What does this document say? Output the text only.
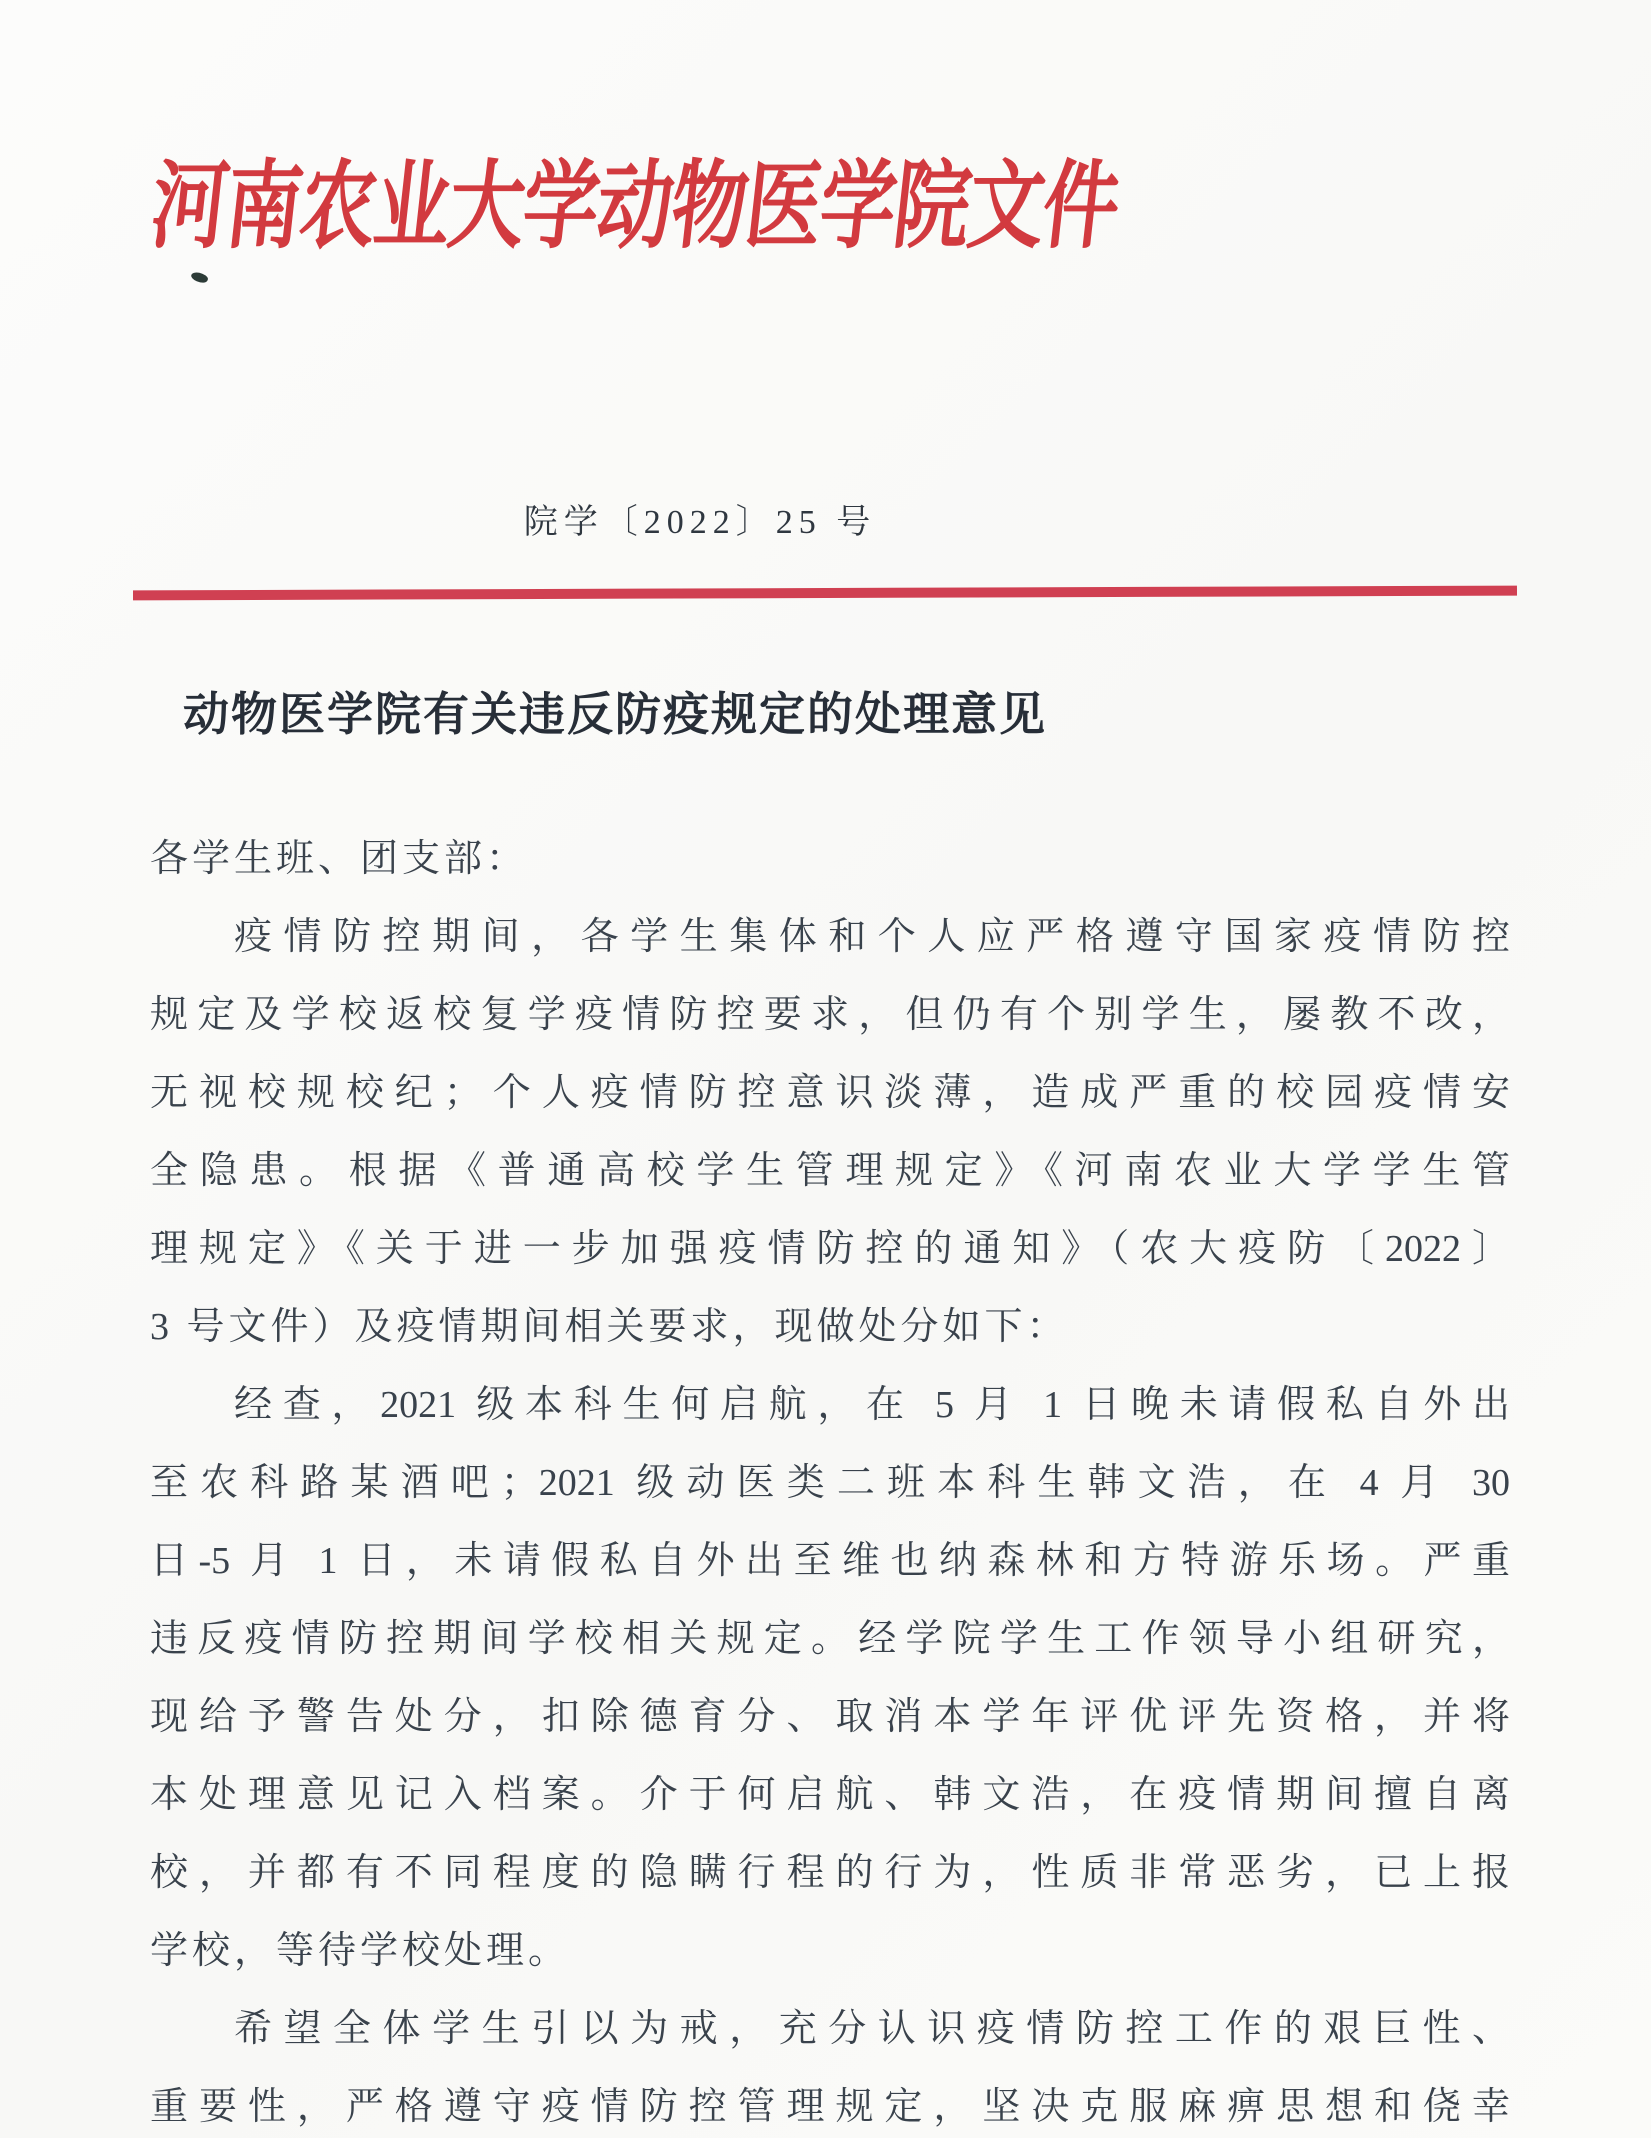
河南农业大学动物医学院文件
院学〔2022〕25 号
动物医学院有关违反防疫规定的处理意见
各学生班、团支部：
疫情防控期间，各学生集体和个人应严格遵守国家疫情防控
规定及学校返校复学疫情防控要求，但仍有个别学生，屡教不改，
无视校规校纪；个人疫情防控意识淡薄，造成严重的校园疫情安
全隐患。根据《普通高校学生管理规定》《河南农业大学学生管
理规定》《关于进一步加强疫情防控的通知》（农大疫防〔2022〕
3 号文件）及疫情期间相关要求，现做处分如下：
经查，2021 级本科生何启航，在 5 月 1 日晚未请假私自外出
至农科路某酒吧；2021 级动医类二班本科生韩文浩，在 4 月 30
日-5 月 1 日，未请假私自外出至维也纳森林和方特游乐场。严重
违反疫情防控期间学校相关规定。经学院学生工作领导小组研究，
现给予警告处分，扣除德育分、取消本学年评优评先资格，并将
本处理意见记入档案。介于何启航、韩文浩，在疫情期间擅自离
校，并都有不同程度的隐瞒行程的行为，性质非常恶劣，已上报
学校，等待学校处理。
希望全体学生引以为戒，充分认识疫情防控工作的艰巨性、
重要性，严格遵守疫情防控管理规定，坚决克服麻痹思想和侥幸
